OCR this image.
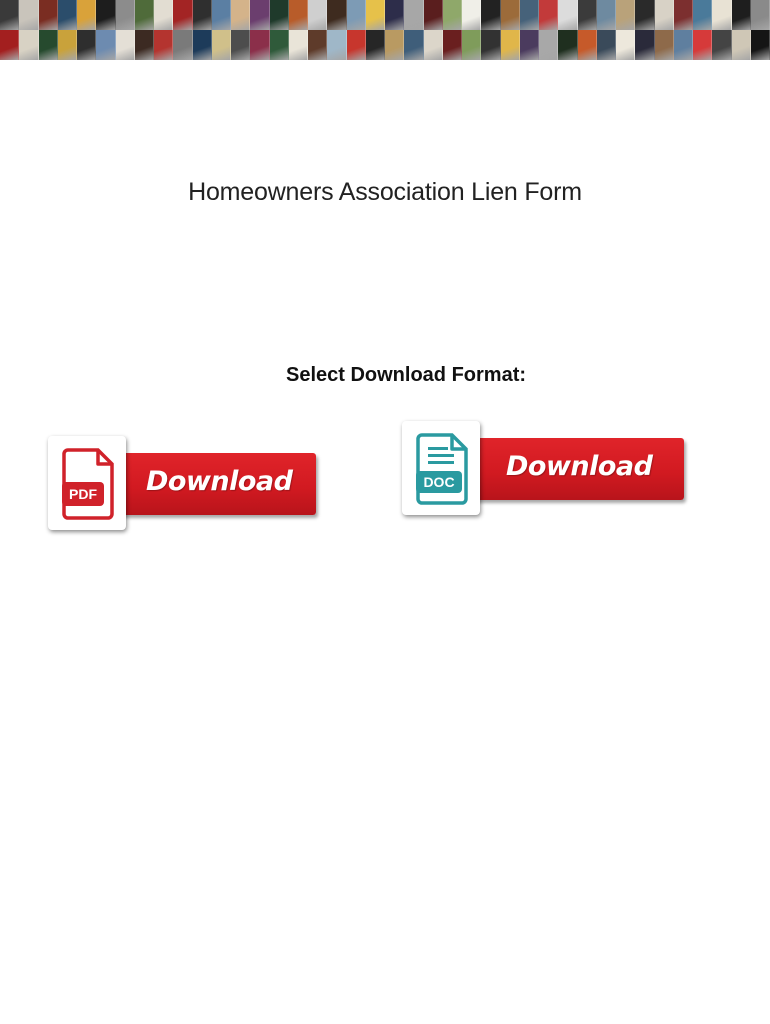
Homeowners Association Lien Form
Select Download Format:
Download
PDF
Download
DOC
